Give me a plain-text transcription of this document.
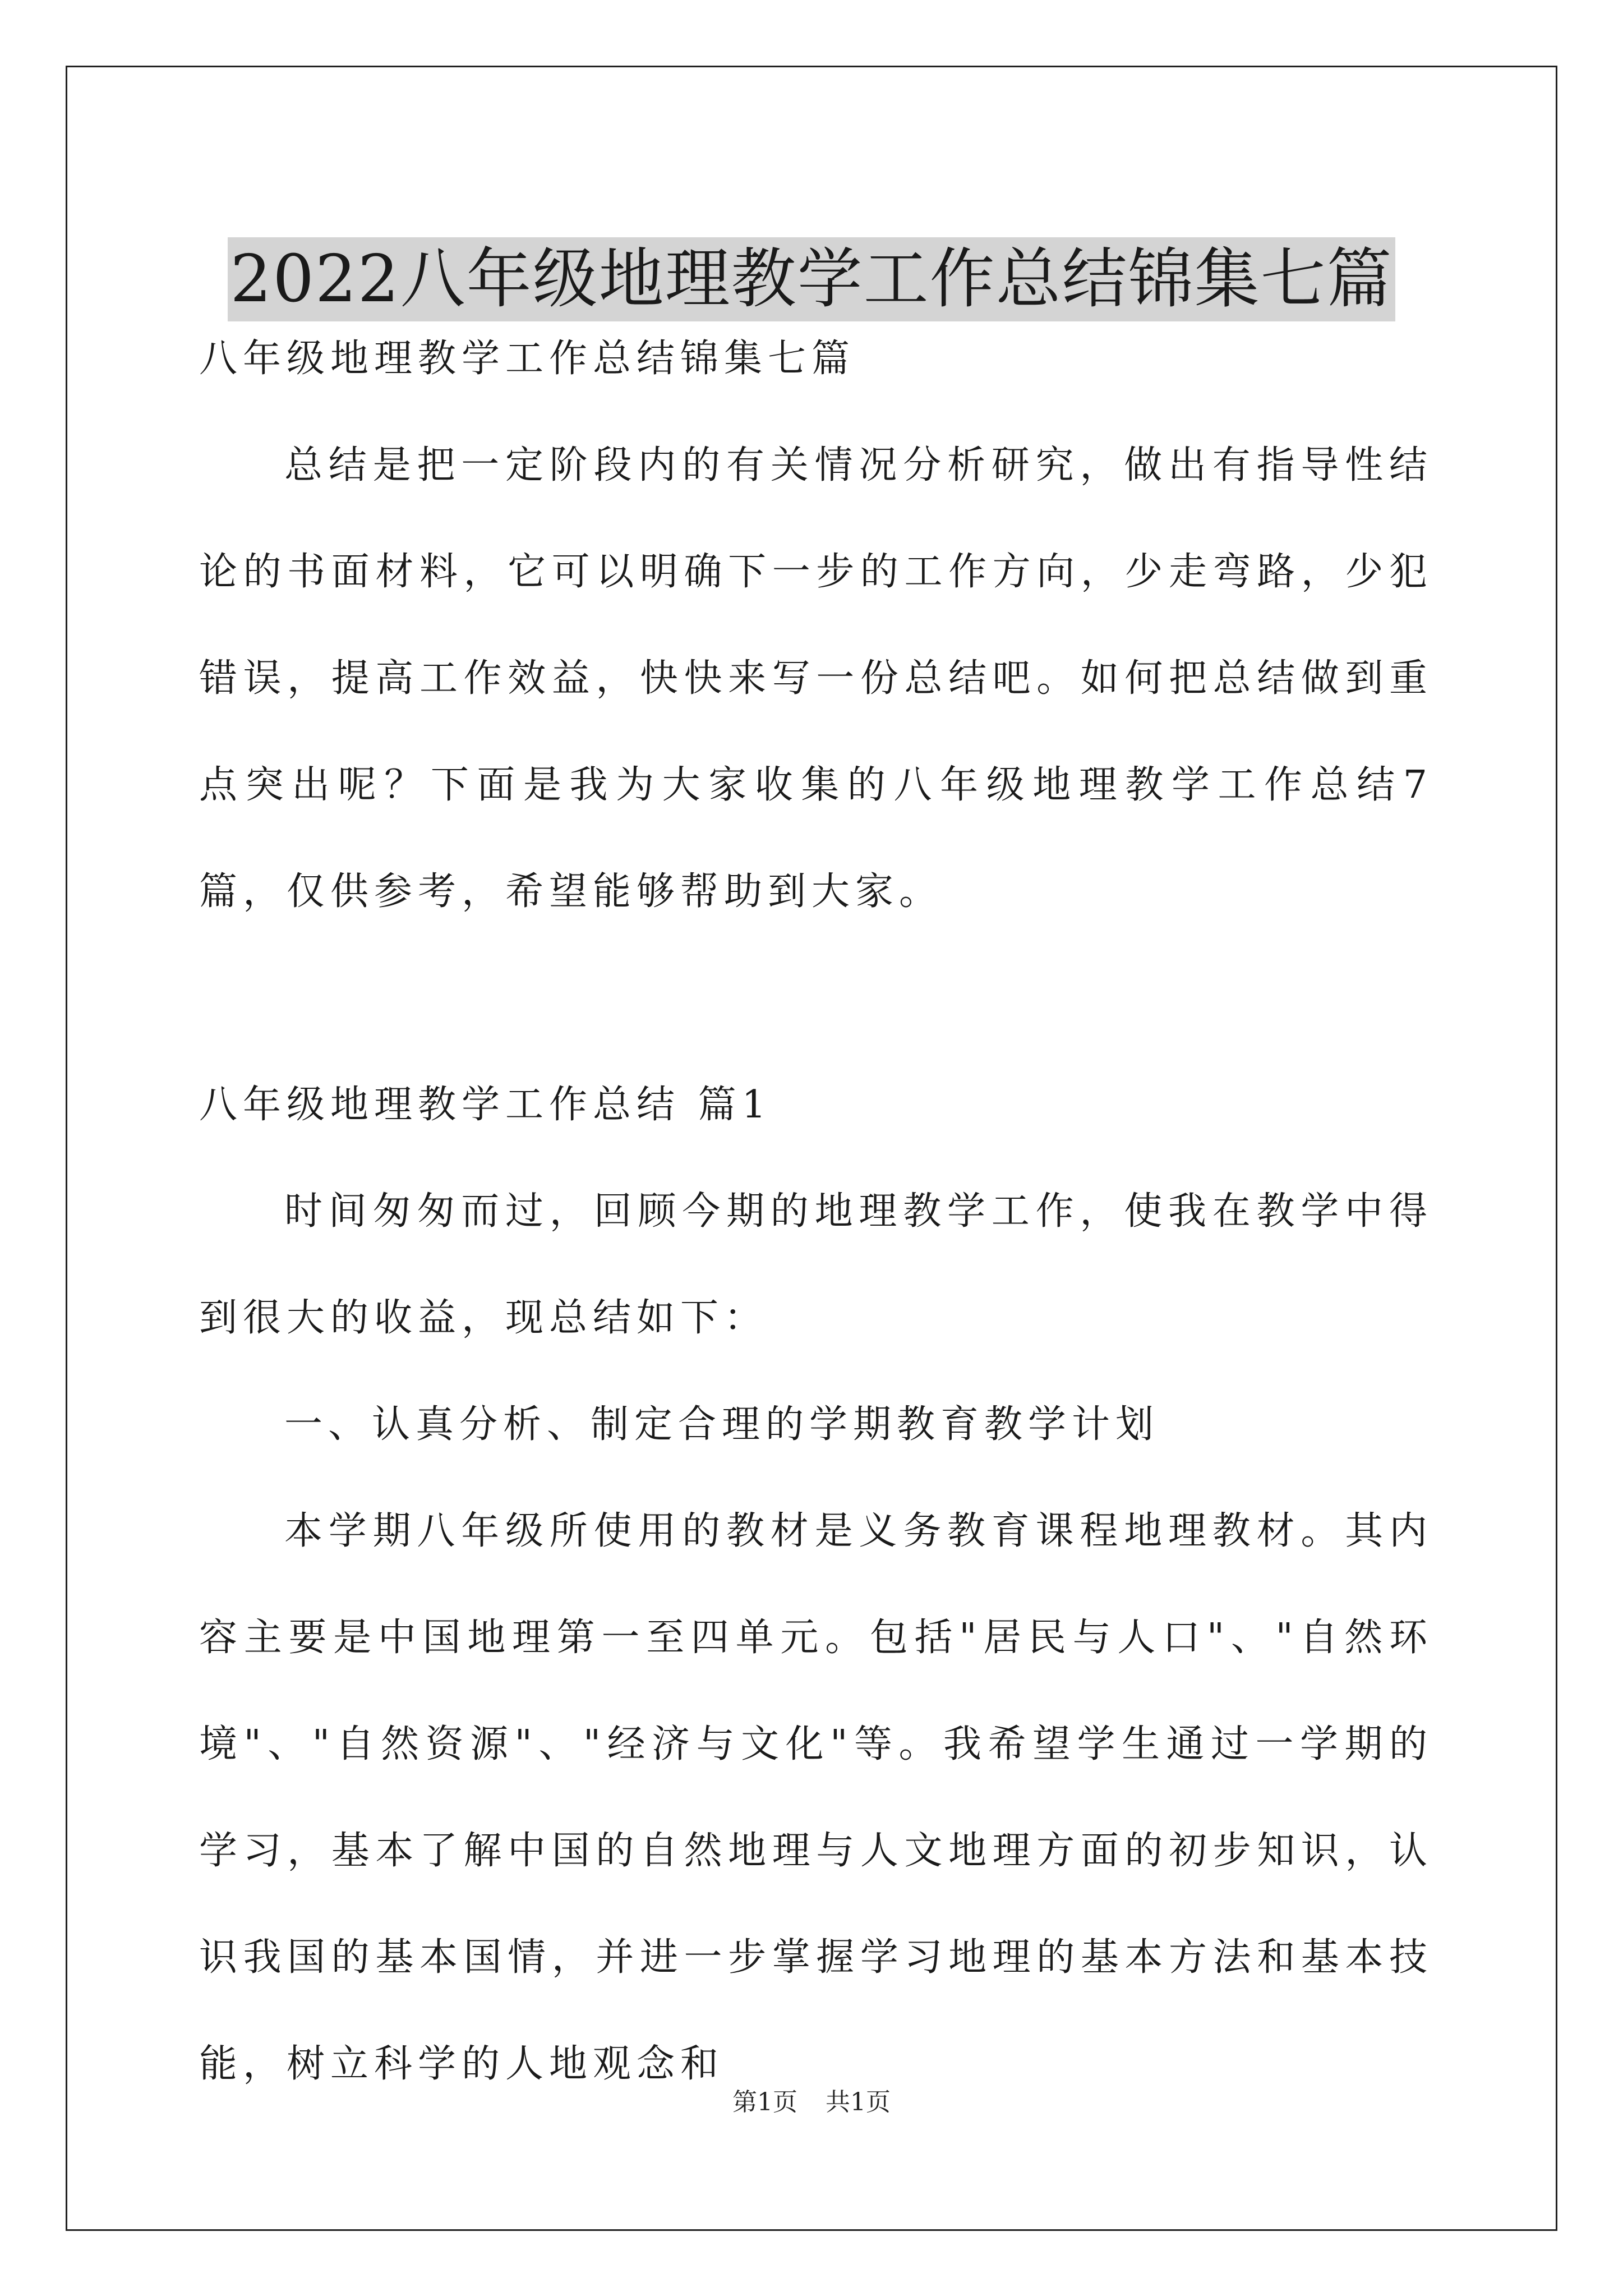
2022八年级地理教学工作总结锦集七篇

八年级地理教学工作总结锦集七篇

总结是把一定阶段内的有关情况分析研究，做出有指导性结论的书面材料，它可以明确下一步的工作方向，少走弯路，少犯错误，提高工作效益，快快来写一份总结吧。如何把总结做到重点突出呢？下面是我为大家收集的八年级地理教学工作总结7篇，仅供参考，希望能够帮助到大家。

八年级地理教学工作总结 篇1

时间匆匆而过，回顾今期的地理教学工作，使我在教学中得到很大的收益，现总结如下：

一、认真分析、制定合理的学期教育教学计划

本学期八年级所使用的教材是义务教育课程地理教材。其内容主要是中国地理第一至四单元。包括"居民与人口"、"自然环境"、"自然资源"、"经济与文化"等。我希望学生通过一学期的学习，基本了解中国的自然地理与人文地理方面的初步知识，认识我国的基本国情，并进一步掌握学习地理的基本方法和基本技能，树立科学的人地观念和

第1页 共1页
